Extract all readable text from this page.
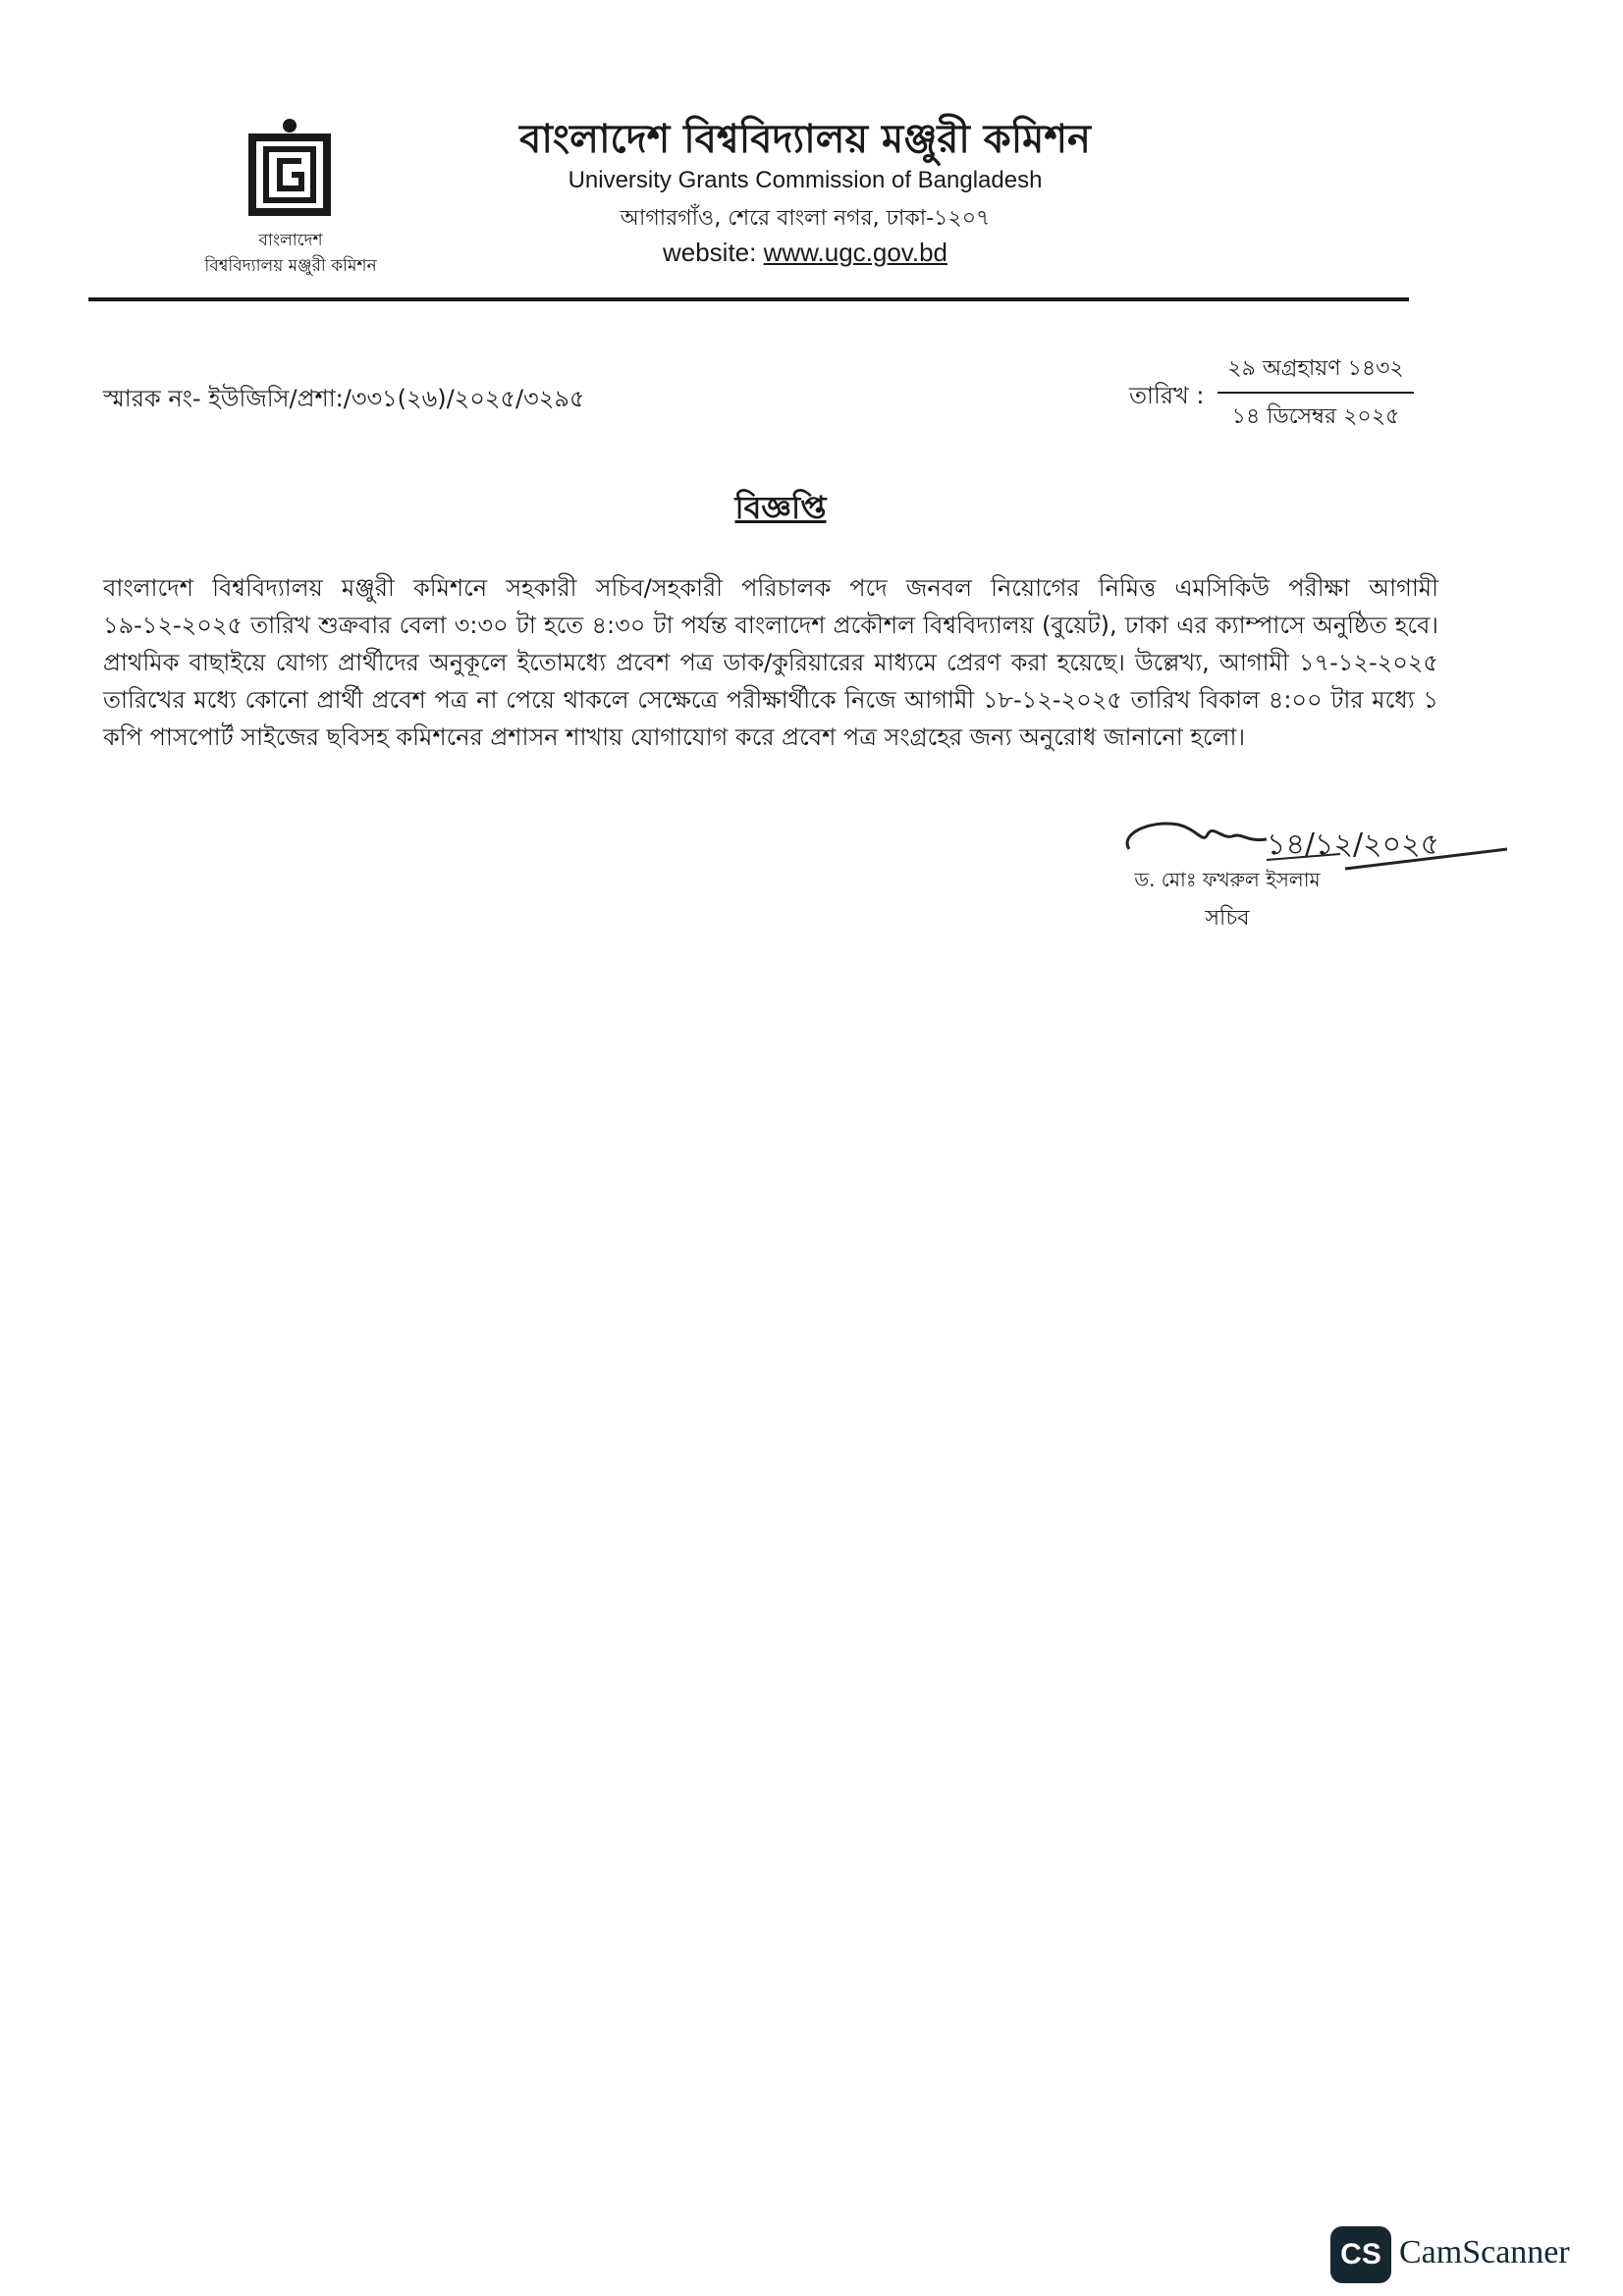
বাংলাদেশ
বিশ্ববিদ্যালয় মঞ্জুরী কমিশন
বাংলাদেশ বিশ্ববিদ্যালয় মঞ্জুরী কমিশন
University Grants Commission of Bangladesh
আগারগাঁও, শেরে বাংলা নগর, ঢাকা-১২০৭
website: www.ugc.gov.bd
স্মারক নং- ইউজিসি/প্রশা:/৩৩১(২৬)/২০২৫/৩২৯৫	তারিখ :
২৯ অগ্রহায়ণ ১৪৩২
১৪ ডিসেম্বর ২০২৫
বিজ্ঞপ্তি
বাংলাদেশ বিশ্ববিদ্যালয় মঞ্জুরী কমিশনে সহকারী সচিব/সহকারী পরিচালক পদে জনবল নিয়োগের নিমিত্ত এমসিকিউ পরীক্ষা আগামী ১৯-১২-২০২৫ তারিখ শুক্রবার বেলা ৩:৩০ টা হতে ৪:৩০ টা পর্যন্ত বাংলাদেশ প্রকৌশল বিশ্ববিদ্যালয় (বুয়েট), ঢাকা এর ক্যাম্পাসে অনুষ্ঠিত হবে। প্রাথমিক বাছাইয়ে যোগ্য প্রার্থীদের অনুকূলে ইতোমধ্যে প্রবেশ পত্র ডাক/কুরিয়ারের মাধ্যমে প্রেরণ করা হয়েছে। উল্লেখ্য, আগামী ১৭-১২-২০২৫ তারিখের মধ্যে কোনো প্রার্থী প্রবেশ পত্র না পেয়ে থাকলে সেক্ষেত্রে পরীক্ষার্থীকে নিজে আগামী ১৮-১২-২০২৫ তারিখ বিকাল ৪:০০ টার মধ্যে ১ কপি পাসপোর্ট সাইজের ছবিসহ কমিশনের প্রশাসন শাখায় যোগাযোগ করে প্রবেশ পত্র সংগ্রহের জন্য অনুরোধ জানানো হলো।
১৪/১২/২০২৫
ড. মোঃ ফখরুল ইসলাম
সচিব
CS CamScanner
